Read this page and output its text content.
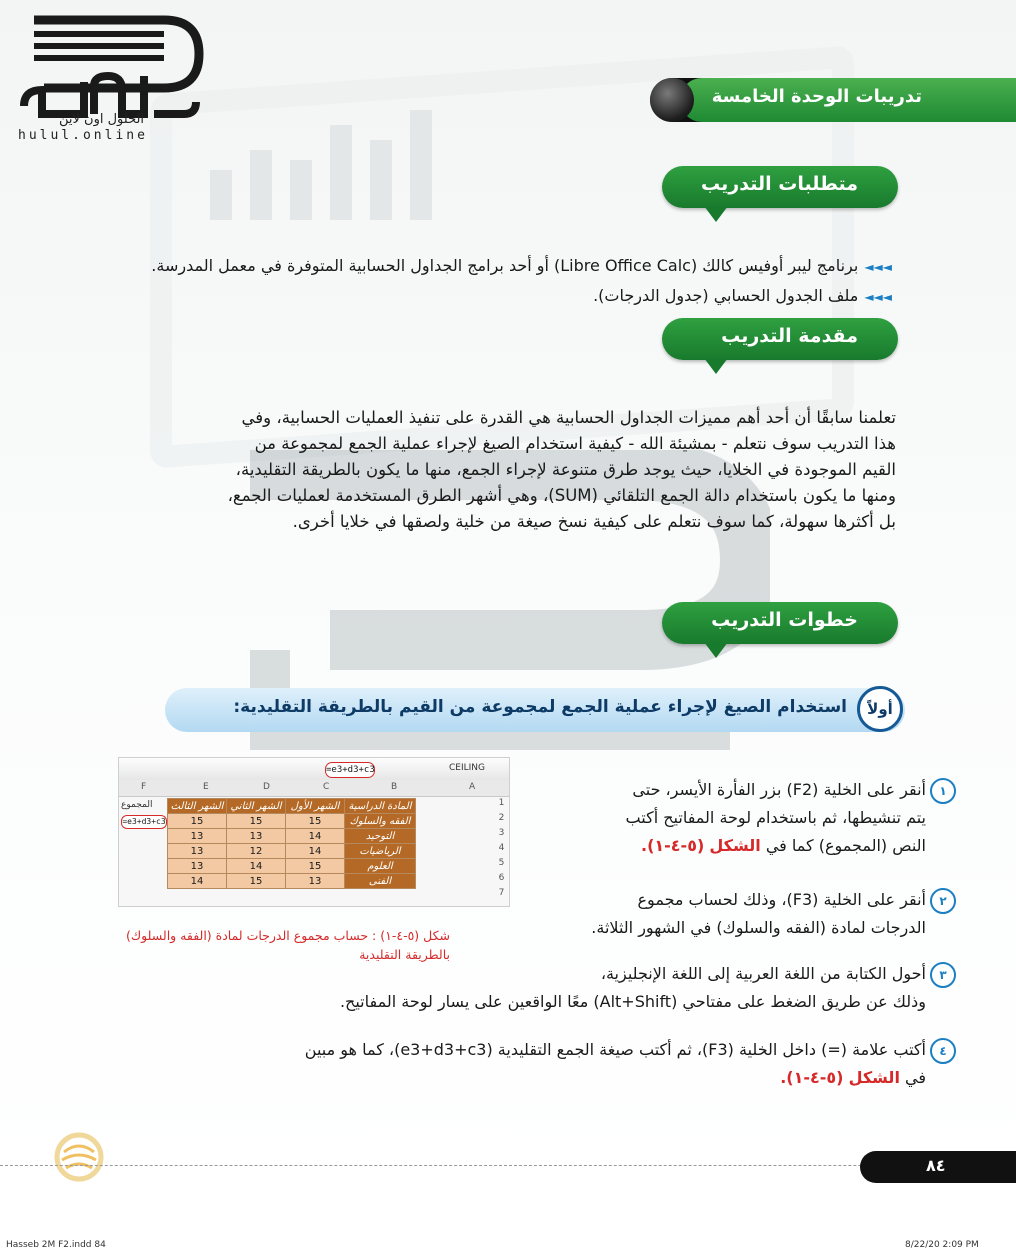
الحلول اون لاين
hulul.online
تدريبات الوحدة الخامسة
متطلبات التدريب
◄◄◄برنامج ليبر أوفيس كالك (Libre Office Calc) أو أحد برامج الجداول الحسابية المتوفرة في معمل المدرسة.
◄◄◄ملف الجدول الحسابي (جدول الدرجات).
مقدمة التدريب
تعلمنا سابقًا أن أحد أهم مميزات الجداول الحسابية هي القدرة على تنفيذ العمليات الحسابية، وفي
هذا التدريب سوف نتعلم - بمشيئة الله - كيفية استخدام الصيغ لإجراء عملية الجمع لمجموعة من
القيم الموجودة في الخلايا، حيث يوجد طرق متنوعة لإجراء الجمع، منها ما يكون بالطريقة التقليدية،
ومنها ما يكون باستخدام دالة الجمع التلقائي (SUM)، وهي أشهر الطرق المستخدمة لعمليات الجمع،
بل أكثرها سهولة، كما سوف نتعلم على كيفية نسخ صيغة من خلية ولصقها في خلايا أخرى.
خطوات التدريب
أولاً
استخدام الصيغ لإجراء عملية الجمع لمجموعة من القيم بالطريقة التقليدية:
=e3+d3+c3	CEILING
F	E	D	C	B	A
المجموع
=e3+d3+c3
الشهر الثالث	الشهر الثاني	الشهر الأول	المادة الدراسية
15	15	15	الفقه والسلوك
13	13	14	التوحيد
13	12	14	الرياضيات
13	14	15	العلوم
14	15	13	الفنى
1
2
3
4
5
6
7
شكل (٥-٤-١) : حساب مجموع الدرجات لمادة (الفقه والسلوك) بالطريقة التقليدية
١
أنقر على الخلية (F2) بزر الفأرة الأيسر، حتى
يتم تنشيطها، ثم باستخدام لوحة المفاتيح أكتب
النص (المجموع) كما في الشكل (٥-٤-١).
٢
أنقر على الخلية (F3)، وذلك لحساب مجموع
الدرجات لمادة (الفقه والسلوك) في الشهور الثلاثة.
٣
أحول الكتابة من اللغة العربية إلى اللغة الإنجليزية،
وذلك عن طريق الضغط على مفتاحي (Alt+Shift) معًا الواقعين على يسار لوحة المفاتيح.
٤
أكتب علامة (=) داخل الخلية (F3)، ثم أكتب صيغة الجمع التقليدية (e3+d3+c3)، كما هو مبين
في الشكل (٥-٤-١).
٨٤
Hasseb 2M F2.indd 84	8/22/20 2:09 PM
